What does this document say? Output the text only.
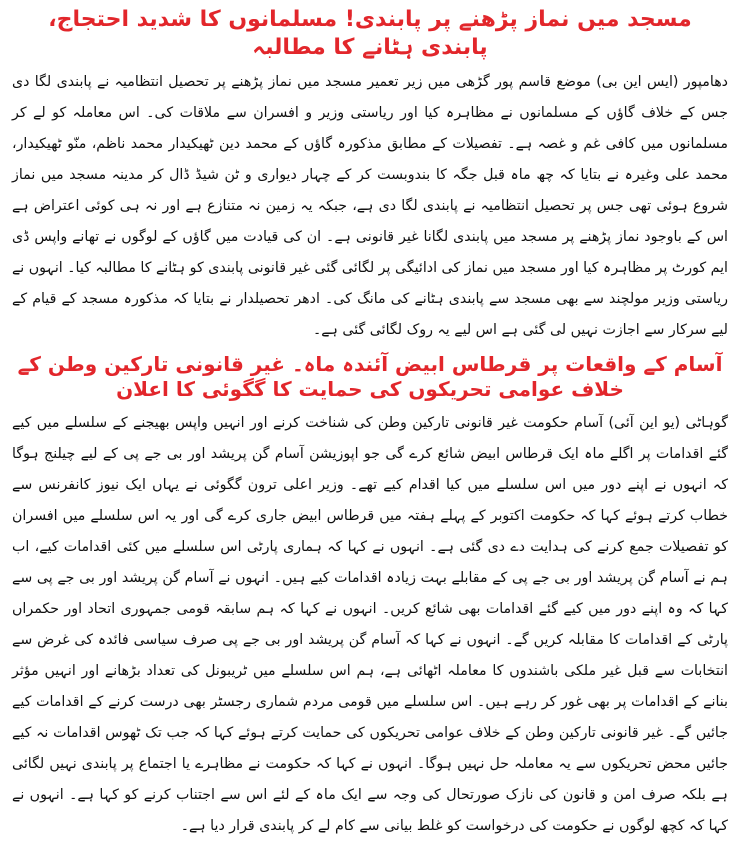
مسجد میں نماز پڑھنے پر پابندی! مسلمانوں کا شدید احتجاج، پابندی ہٹانے کا مطالبہ

دھامپور (ایس این بی) موضع قاسم پور گڑھی میں زیر تعمیر مسجد میں نماز پڑھنے پر تحصیل انتظامیہ نے پابندی لگا دی جس کے خلاف گاؤں کے مسلمانوں نے مظاہرہ کیا اور ریاستی وزیر و افسران سے ملاقات کی۔ اس معاملہ کو لے کر مسلمانوں میں کافی غم و غصہ ہے۔ تفصیلات کے مطابق مذکورہ گاؤں کے محمد دین ٹھیکیدار محمد ناظم، منّو ٹھیکیدار، محمد علی وغیرہ نے بتایا کہ چھ ماہ قبل جگہ کا بندوبست کر کے چہار دیواری و ٹن شیڈ ڈال کر مدینہ مسجد میں نماز شروع ہوئی تھی جس پر تحصیل انتظامیہ نے پابندی لگا دی ہے، جبکہ یہ زمین نہ متنازع ہے اور نہ ہی کوئی اعتراض ہے اس کے باوجود نماز پڑھنے پر مسجد میں پابندی لگانا غیر قانونی ہے۔ ان کی قیادت میں گاؤں کے لوگوں نے تھانے واپس ڈی ایم کورٹ پر مظاہرہ کیا اور مسجد میں نماز کی ادائیگی پر لگائی گئی غیر قانونی پابندی کو ہٹانے کا مطالبہ کیا۔ انہوں نے ریاستی وزیر مولچند سے بھی مسجد سے پابندی ہٹانے کی مانگ کی۔ ادھر تحصیلدار نے بتایا کہ مذکورہ مسجد کے قیام کے لیے سرکار سے اجازت نہیں لی گئی ہے اس لیے یہ روک لگائی گئی ہے۔

آسام کے واقعات پر قرطاس ابیض آئندہ ماہ۔ غیر قانونی تارکین وطن کے خلاف عوامی تحریکوں کی حمایت کا گگوئی کا اعلان

گوہاٹی (یو این آئی) آسام حکومت غیر قانونی تارکین وطن کی شناخت کرنے اور انہیں واپس بھیجنے کے سلسلے میں کیے گئے اقدامات پر اگلے ماہ ایک قرطاس ابیض شائع کرے گی جو اپوزیشن آسام گن پریشد اور بی جے پی کے لیے چیلنج ہوگا کہ انہوں نے اپنے دور میں اس سلسلے میں کیا اقدام کیے تھے۔ وزیر اعلی ترون گگوئی نے یہاں ایک نیوز کانفرنس سے خطاب کرتے ہوئے کہا کہ حکومت اکتوبر کے پہلے ہفتہ میں قرطاس ابیض جاری کرے گی اور یہ اس سلسلے میں افسران کو تفصیلات جمع کرنے کی ہدایت دے دی گئی ہے۔ انہوں نے کہا کہ ہماری پارٹی اس سلسلے میں کئی اقدامات کیے، اب ہم نے آسام گن پریشد اور بی جے پی کے مقابلے بہت زیادہ اقدامات کیے ہیں۔ انہوں نے آسام گن پریشد اور بی جے پی سے کہا کہ وہ اپنے دور میں کیے گئے اقدامات بھی شائع کریں۔ انہوں نے کہا کہ ہم سابقہ قومی جمہوری اتحاد اور حکمراں پارٹی کے اقدامات کا مقابلہ کریں گے۔ انہوں نے کہا کہ آسام گن پریشد اور بی جے پی صرف سیاسی فائدہ کی غرض سے انتخابات سے قبل غیر ملکی باشندوں کا معاملہ اٹھائی ہے، ہم اس سلسلے میں ٹریبونل کی تعداد بڑھانے اور انہیں مؤثر بنانے کے اقدامات پر بھی غور کر رہے ہیں۔ اس سلسلے میں قومی مردم شماری رجسٹر بھی درست کرنے کے اقدامات کیے جائیں گے۔ غیر قانونی تارکین وطن کے خلاف عوامی تحریکوں کی حمایت کرتے ہوئے کہا کہ جب تک ٹھوس اقدامات نہ کیے جائیں محض تحریکوں سے یہ معاملہ حل نہیں ہوگا۔ انہوں نے کہا کہ حکومت نے مظاہرے یا اجتماع پر پابندی نہیں لگائی ہے بلکہ صرف امن و قانون کی نازک صورتحال کی وجہ سے ایک ماہ کے لئے اس سے اجتناب کرنے کو کہا ہے۔ انہوں نے کہا کہ کچھ لوگوں نے حکومت کی درخواست کو غلط بیانی سے کام لے کر پابندی قرار دیا ہے۔
